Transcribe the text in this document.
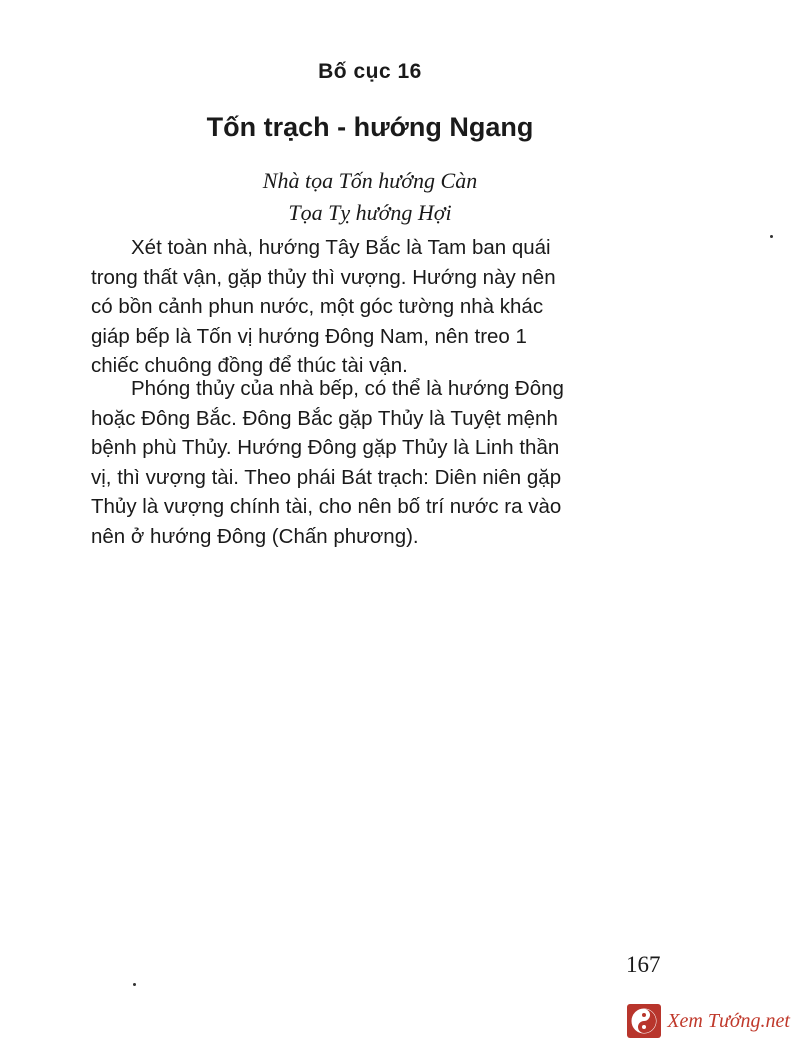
Bố cục 16
Tốn trạch - hướng Ngang
Nhà tọa Tốn hướng Càn
Tọa Tỵ hướng Hợi
Xét toàn nhà, hướng Tây Bắc là Tam ban quái
trong thất vận, gặp thủy thì vượng. Hướng này nên
có bồn cảnh phun nước, một góc tường nhà khác
giáp bếp là Tốn vị hướng Đông Nam, nên treo 1
chiếc chuông đồng để thúc tài vận.
Phóng thủy của nhà bếp, có thể là hướng Đông
hoặc Đông Bắc. Đông Bắc gặp Thủy là Tuyệt mệnh
bệnh phù Thủy. Hướng Đông gặp Thủy là Linh thần
vị, thì vượng tài. Theo phái Bát trạch: Diên niên gặp
Thủy là vượng chính tài, cho nên bố trí nước ra vào
nên ở hướng Đông (Chấn phương).
167
Xem Tướng.net
